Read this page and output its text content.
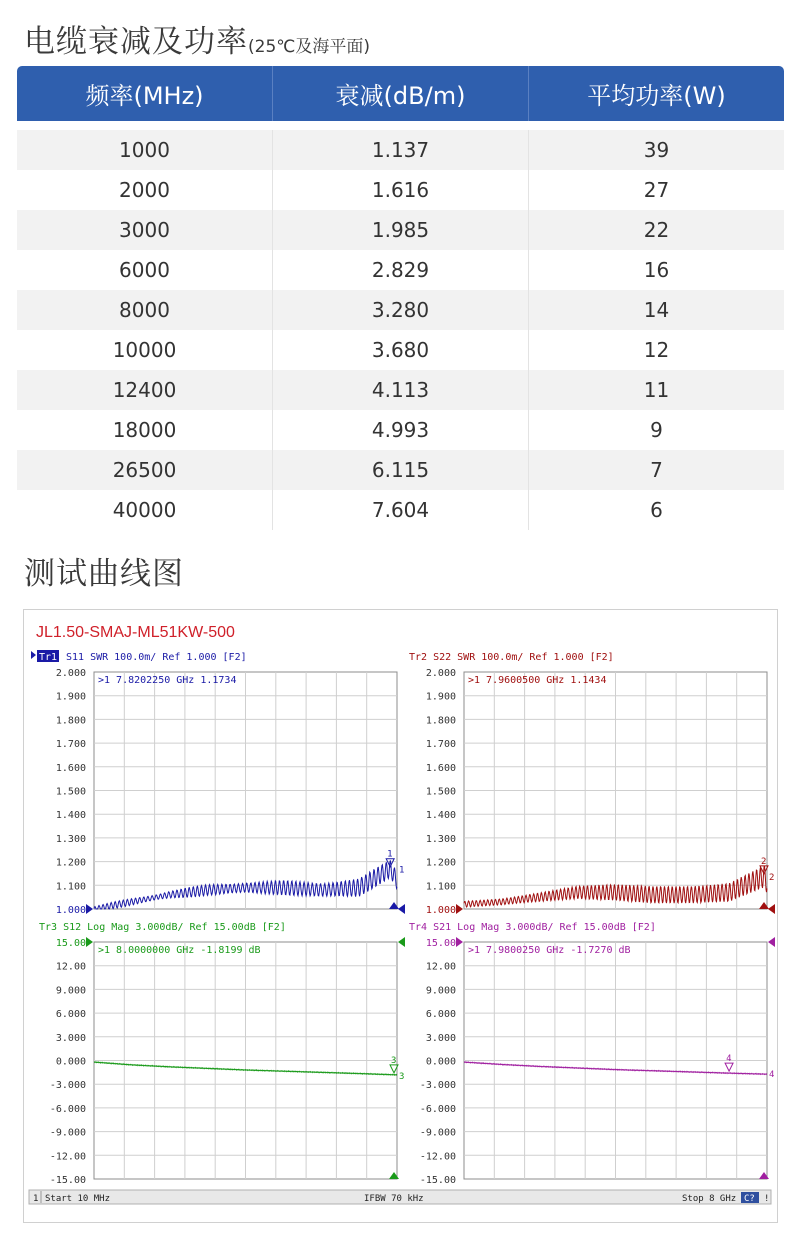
电缆衰减及功率(25℃及海平面)
频率(MHz)	衰减(dB/m)	平均功率(W)
1000	1.137	39
2000	1.616	27
3000	1.985	22
6000	2.829	16
8000	3.280	14
10000	3.680	12
12400	4.113	11
18000	4.993	9
26500	6.115	7
40000	7.604	6
测试曲线图
JL1.50-SMAJ-ML51KW-500
Tr1 S11 SWR 100.0m/ Ref 1.000 [F2]
2.000
1.900
1.800
1.700
1.600
1.500
1.400
1.300
1.200
1.100
1.000
>1 7.8202250 GHz 1.1734
1
1
Tr2 S22 SWR 100.0m/ Ref 1.000 [F2]
2.000
1.900
1.800
1.700
1.600
1.500
1.400
1.300
1.200
1.100
1.000
>1 7.9600500 GHz 1.1434
2
2
Tr3 S12 Log Mag 3.000dB/ Ref 15.00dB [F2]
15.00
12.00
9.000
6.000
3.000
0.000
-3.000
-6.000
-9.000
-12.00
-15.00
>1 8.0000000 GHz -1.8199 dB
3
3
Tr4 S21 Log Mag 3.000dB/ Ref 15.00dB [F2]
15.00
12.00
9.000
6.000
3.000
0.000
-3.000
-6.000
-9.000
-12.00
-15.00
>1 7.9800250 GHz -1.7270 dB
4
4
1 Start 10 MHz	IFBW 70 kHz	Stop 8 GHz C? !
